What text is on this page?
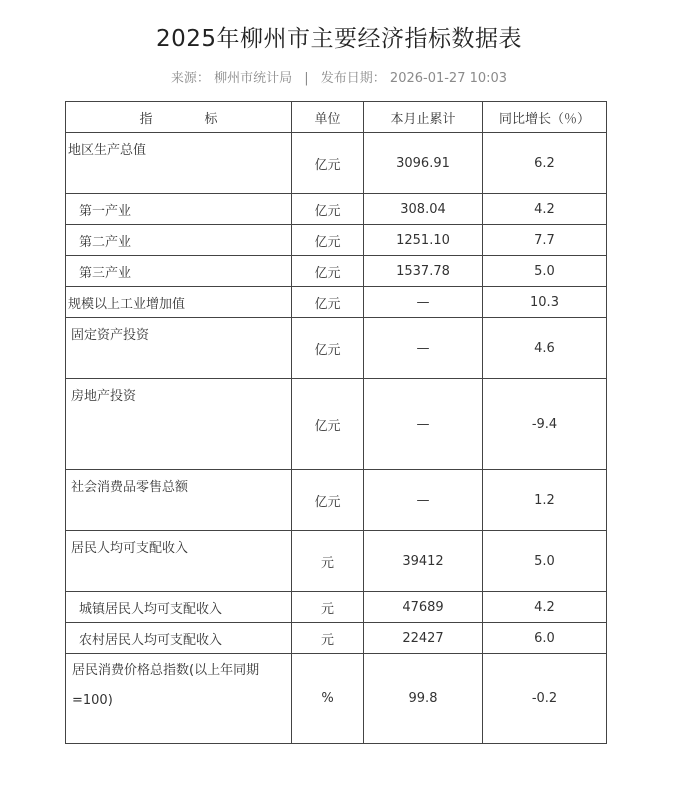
2025年柳州市主要经济指标数据表
来源： 柳州市统计局 | 发布日期： 2026-01-27 10:03
指 标	单位	本月止累计	同比增长（％）
地区生产总值	亿元	3096.91	6.2
第一产业	亿元	308.04	4.2
第二产业	亿元	1251.10	7.7
第三产业	亿元	1537.78	5.0
规模以上工业增加值	亿元	—	10.3
固定资产投资	亿元	—	4.6
房地产投资	亿元	—	-9.4
社会消费品零售总额	亿元	—	1.2
居民人均可支配收入	元	39412	5.0
城镇居民人均可支配收入	元	47689	4.2
农村居民人均可支配收入	元	22427	6.0
居民消费价格总指数(以上年同期=100)	%	99.8	-0.2
